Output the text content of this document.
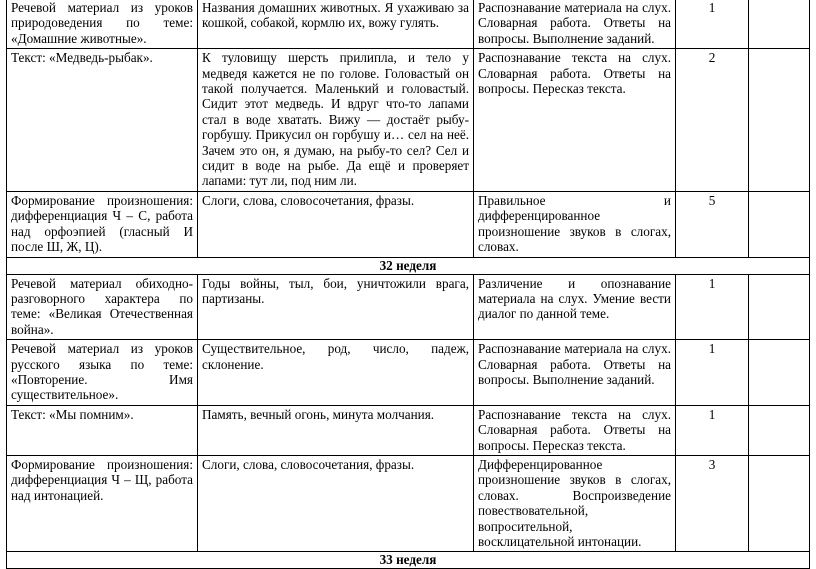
Речевой материал из уроков природоведения по теме: «Домашние животные».	Названия домашних животных. Я ухаживаю за кошкой, собакой, кормлю их, вожу гулять.	Распознавание материала на слух. Словарная работа. Ответы на вопросы. Выполнение заданий.	1	
Текст: «Медведь-рыбак».	К туловищу шерсть прилипла, и тело у медведя кажется не по голове. Головастый он такой получается. Маленький и головастый. Сидит этот медведь. И вдруг что-то лапами стал в воде хватать. Вижу — достаёт рыбу-горбушу. Прикусил он горбушу и… сел на неё. Зачем это он, я думаю, на рыбу-то сел? Сел и сидит в воде на рыбе. Да ещё и проверяет лапами: тут ли, под ним ли.	Распознавание текста на слух. Словарная работа. Ответы на вопросы. Пересказ текста.	2	
Формирование произношения: дифференциация Ч – С, работа над орфоэпией (гласный И после Ш, Ж, Ц).	Слоги, слова, словосочетания, фразы.	Правильное и дифференцированное произношение звуков в слогах, словах.	5	
32 неделя				
Речевой материал обиходно-разговорного характера по теме: «Великая Отечественная война».	Годы войны, тыл, бои, уничтожили врага, партизаны.	Различение и опознавание материала на слух. Умение вести диалог по данной теме.	1	
Речевой материал из уроков русского языка по теме: «Повторение. Имя существительное».	Существительное, род, число, падеж, склонение.	Распознавание материала на слух. Словарная работа. Ответы на вопросы. Выполнение заданий.	1	
Текст: «Мы помним».	Память, вечный огонь, минута молчания.	Распознавание текста на слух. Словарная работа. Ответы на вопросы. Пересказ текста.	1	
Формирование произношения: дифференциация Ч – Щ, работа над интонацией.	Слоги, слова, словосочетания, фразы.	Дифференцированное произношение звуков в слогах, словах. Воспроизведение повествовательной, вопросительной, восклицательной интонации.	3	
33 неделя				
